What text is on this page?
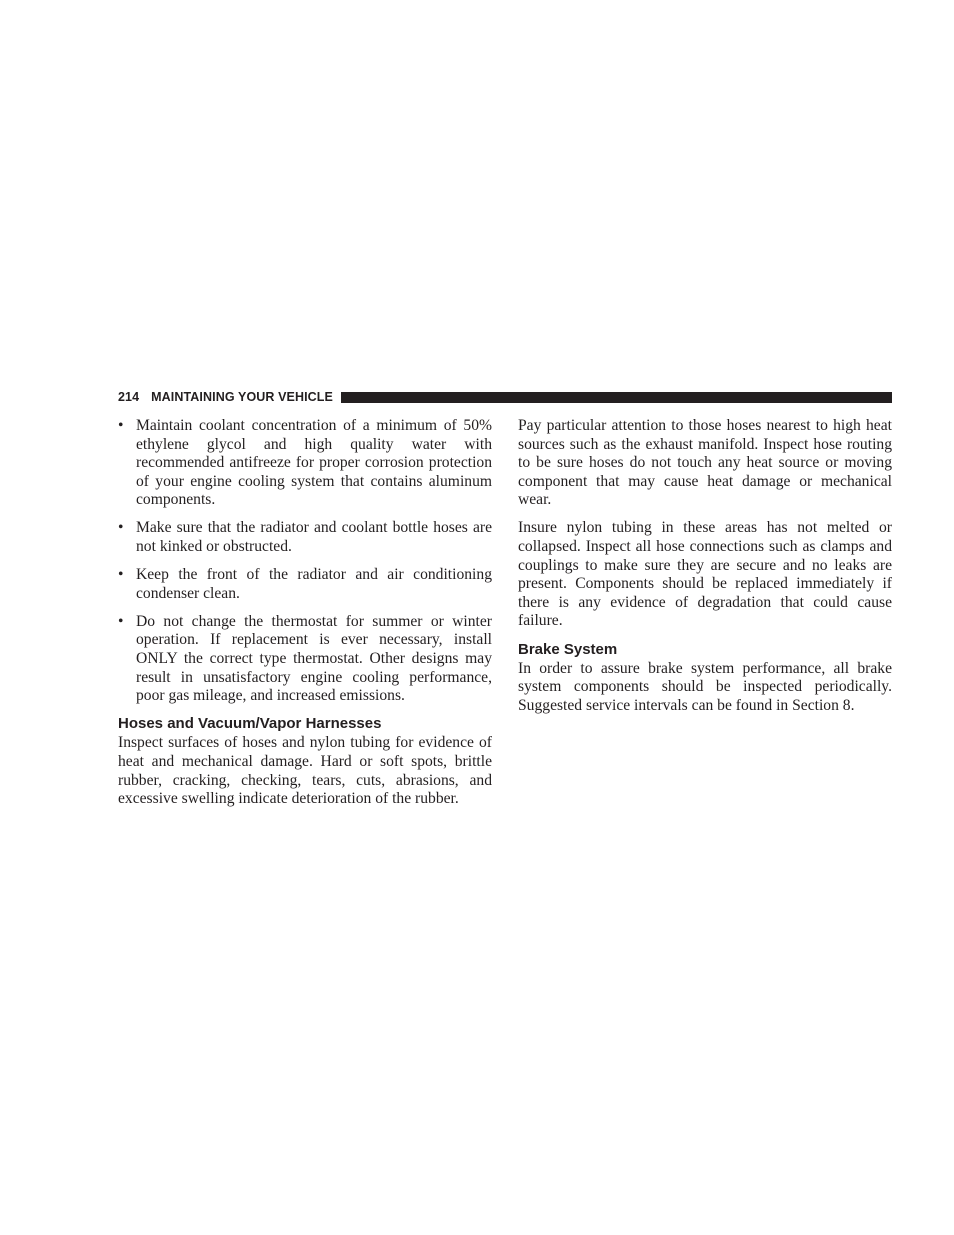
214 MAINTAINING YOUR VEHICLE
• Maintain coolant concentration of a minimum of 50% ethylene glycol and high quality water with recommended antifreeze for proper corrosion protection of your engine cooling system that contains aluminum components.
• Make sure that the radiator and coolant bottle hoses are not kinked or obstructed.
• Keep the front of the radiator and air conditioning condenser clean.
• Do not change the thermostat for summer or winter operation. If replacement is ever necessary, install ONLY the correct type thermostat. Other designs may result in unsatisfactory engine cooling performance, poor gas mileage, and increased emissions.
Hoses and Vacuum/Vapor Harnesses

Inspect surfaces of hoses and nylon tubing for evidence of heat and mechanical damage. Hard or soft spots, brittle rubber, cracking, checking, tears, cuts, abrasions, and excessive swelling indicate deterioration of the rubber.

Pay particular attention to those hoses nearest to high heat sources such as the exhaust manifold. Inspect hose routing to be sure hoses do not touch any heat source or moving component that may cause heat damage or mechanical wear.

Insure nylon tubing in these areas has not melted or collapsed. Inspect all hose connections such as clamps and couplings to make sure they are secure and no leaks are present. Components should be replaced immediately if there is any evidence of degradation that could cause failure.

Brake System

In order to assure brake system performance, all brake system components should be inspected periodically. Suggested service intervals can be found in Section 8.
